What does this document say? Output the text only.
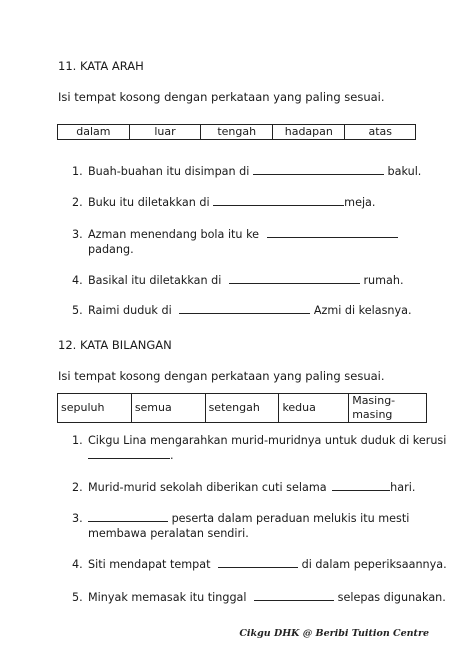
11. KATA ARAH
Isi tempat kosong dengan perkataan yang paling sesuai.
dalam	luar	tengah	hadapan	atas
1. Buah-buahan itu disimpan di	bakul.
2. Buku itu diletakkan di	meja.
3. Azman menendang bola itu ke
padang.
4. Basikal itu diletakkan di	rumah.
5. Raimi duduk di	Azmi di kelasnya.
12. KATA BILANGAN
Isi tempat kosong dengan perkataan yang paling sesuai.
sepuluh	semua	setengah	kedua	Masing-masing
1. Cikgu Lina mengarahkan murid-muridnya untuk duduk di kerusi
.
2. Murid-murid sekolah diberikan cuti selama	hari.
3.	peserta dalam peraduan melukis itu mesti
membawa peralatan sendiri.
4. Siti mendapat tempat	di dalam peperiksaannya.
5. Minyak memasak itu tinggal	selepas digunakan.
Cikgu DHK @ Beribi Tuition Centre
